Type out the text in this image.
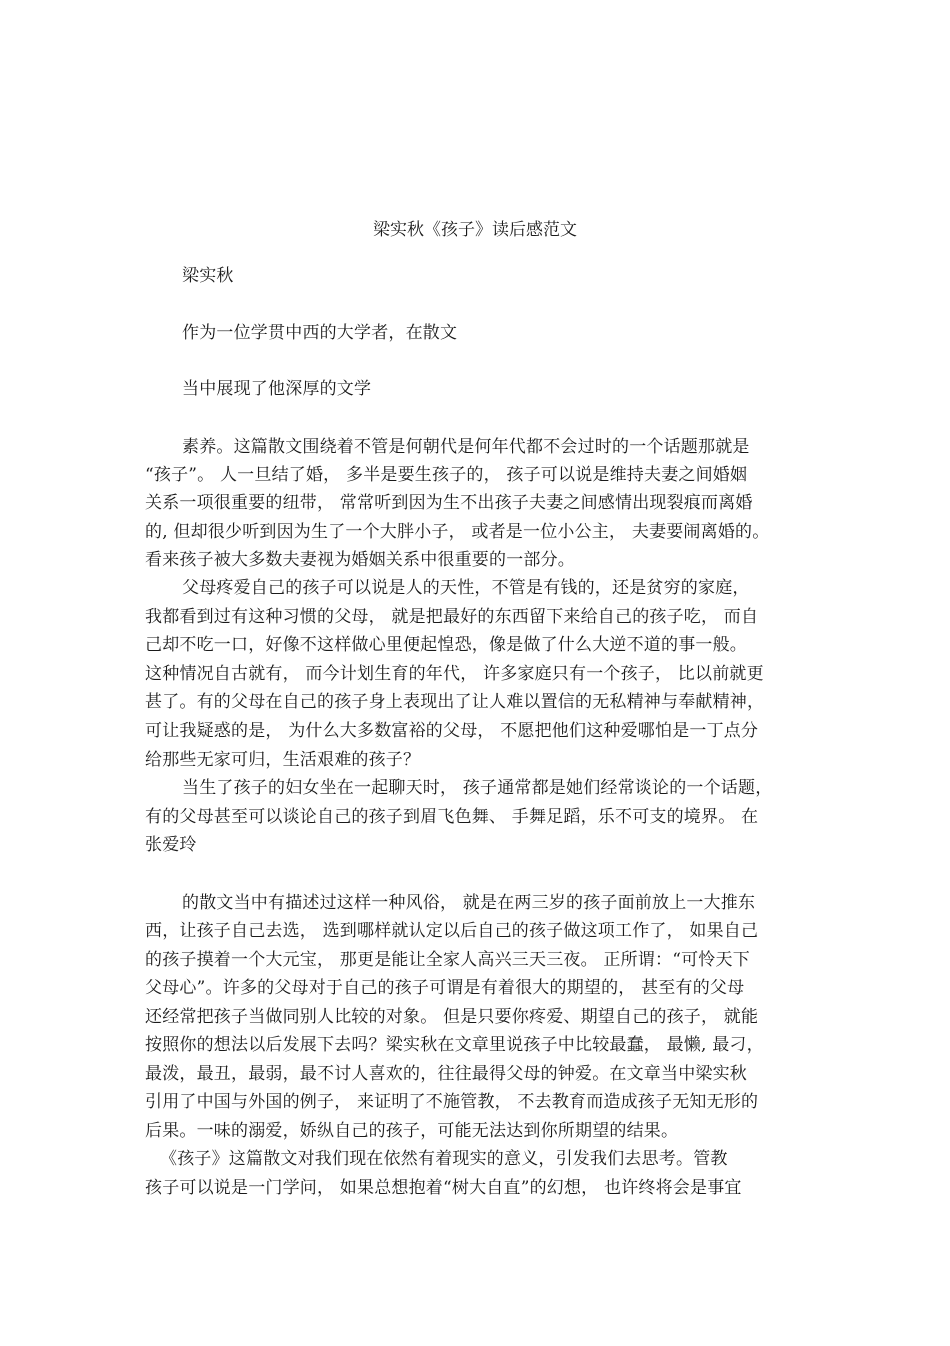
梁实秋《孩子》读后感范文
梁实秋
作为一位学贯中西的大学者，在散文
当中展现了他深厚的文学
素养。这篇散文围绕着不管是何朝代是何年代都不会过时的一个话题那就是
“孩子”。 人一旦结了婚， 多半是要生孩子的， 孩子可以说是维持夫妻之间婚姻
关系一项很重要的纽带， 常常听到因为生不出孩子夫妻之间感情出现裂痕而离婚
的, 但却很少听到因为生了一个大胖小子， 或者是一位小公主， 夫妻要闹离婚的。
看来孩子被大多数夫妻视为婚姻关系中很重要的一部分。
父母疼爱自己的孩子可以说是人的天性，不管是有钱的，还是贫穷的家庭，
我都看到过有这种习惯的父母， 就是把最好的东西留下来给自己的孩子吃， 而自
己却不吃一口，好像不这样做心里便起惶恐，像是做了什么大逆不道的事一般。
这种情况自古就有， 而今计划生育的年代， 许多家庭只有一个孩子， 比以前就更
甚了。有的父母在自己的孩子身上表现出了让人难以置信的无私精神与奉献精神，
可让我疑惑的是， 为什么大多数富裕的父母， 不愿把他们这种爱哪怕是一丁点分
给那些无家可归，生活艰难的孩子？
当生了孩子的妇女坐在一起聊天时， 孩子通常都是她们经常谈论的一个话题，
有的父母甚至可以谈论自己的孩子到眉飞色舞、 手舞足蹈，乐不可支的境界。 在
张爱玲
的散文当中有描述过这样一种风俗， 就是在两三岁的孩子面前放上一大推东
西，让孩子自己去选， 选到哪样就认定以后自己的孩子做这项工作了， 如果自己
的孩子摸着一个大元宝， 那更是能让全家人高兴三天三夜。 正所谓：“可怜天下
父母心”。许多的父母对于自己的孩子可谓是有着很大的期望的， 甚至有的父母
还经常把孩子当做同别人比较的对象。 但是只要你疼爱、期望自己的孩子， 就能
按照你的想法以后发展下去吗？梁实秋在文章里说孩子中比较最蠢， 最懒, 最刁，
最泼，最丑，最弱，最不讨人喜欢的，往往最得父母的钟爱。在文章当中梁实秋
引用了中国与外国的例子， 来证明了不施管教， 不去教育而造成孩子无知无形的
后果。一味的溺爱，娇纵自己的孩子，可能无法达到你所期望的结果。
《孩子》这篇散文对我们现在依然有着现实的意义，引发我们去思考。管教
孩子可以说是一门学问， 如果总想抱着“树大自直”的幻想， 也许终将会是事宜
